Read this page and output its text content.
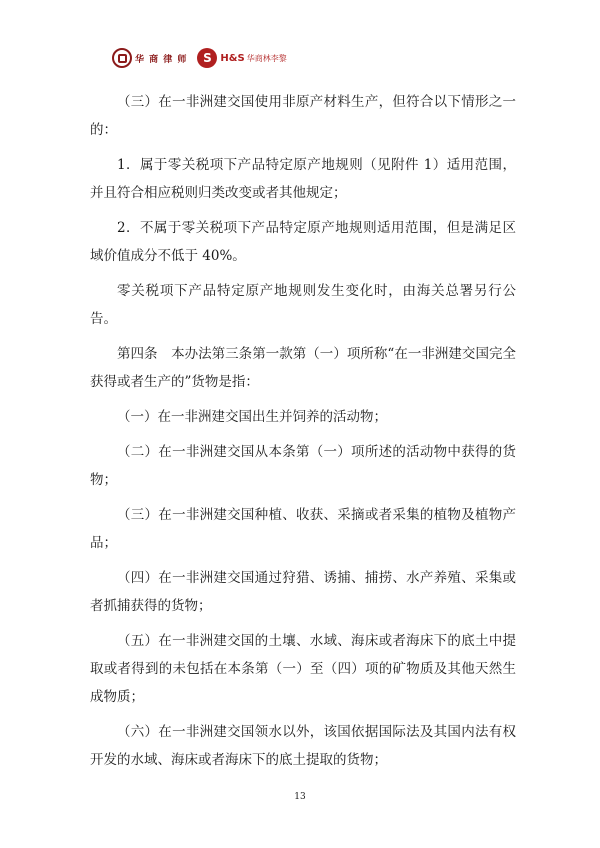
华 商 律 师 S H&S 华商林李黎

（三）在一非洲建交国使用非原产材料生产，但符合以下情形之一的：

1．属于零关税项下产品特定原产地规则（见附件 1）适用范围，并且符合相应税则归类改变或者其他规定；

2．不属于零关税项下产品特定原产地规则适用范围，但是满足区域价值成分不低于 40%。

零关税项下产品特定原产地规则发生变化时，由海关总署另行公告。

第四条　本办法第三条第一款第（一）项所称“在一非洲建交国完全获得或者生产的”货物是指：

（一）在一非洲建交国出生并饲养的活动物；

（二）在一非洲建交国从本条第（一）项所述的活动物中获得的货物；

（三）在一非洲建交国种植、收获、采摘或者采集的植物及植物产品；

（四）在一非洲建交国通过狩猎、诱捕、捕捞、水产养殖、采集或者抓捕获得的货物；

（五）在一非洲建交国的土壤、水域、海床或者海床下的底土中提取或者得到的未包括在本条第（一）至（四）项的矿物质及其他天然生成物质；

（六）在一非洲建交国领水以外，该国依据国际法及其国内法有权开发的水域、海床或者海床下的底土提取的货物；

13
